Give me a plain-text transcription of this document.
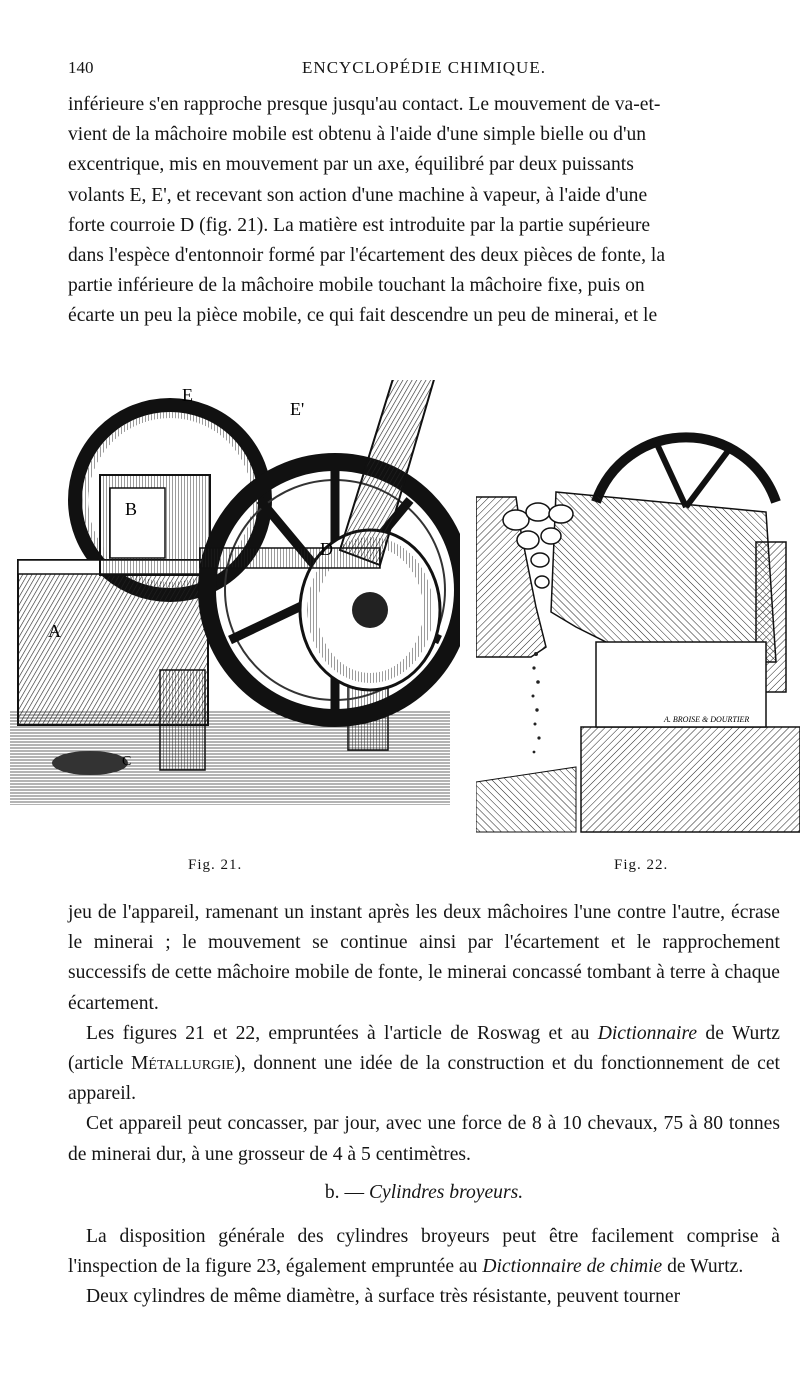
140	ENCYCLOPÉDIE CHIMIQUE.
inférieure s'en rapproche presque jusqu'au contact. Le mouvement de va-et-
vient de la mâchoire mobile est obtenu à l'aide d'une simple bielle ou d'un
excentrique, mis en mouvement par un axe, équilibré par deux puissants
volants E, E', et recevant son action d'une machine à vapeur, à l'aide d'une
forte courroie D (fig. 21). La matière est introduite par la partie supérieure
dans l'espèce d'entonnoir formé par l'écartement des deux pièces de fonte, la
partie inférieure de la mâchoire mobile touchant la mâchoire fixe, puis on
écarte un peu la pièce mobile, ce qui fait descendre un peu de minerai, et le
E
E'
B
D
A
C
A. BROISE & DOURTIER
Fig. 21.	Fig. 22.

jeu de l'appareil, ramenant un instant après les deux mâchoires l'une contre l'autre, écrase le minerai ; le mouvement se continue ainsi par l'écartement et le rapprochement successifs de cette mâchoire mobile de fonte, le minerai concassé tombant à terre à chaque écartement.

Les figures 21 et 22, empruntées à l'article de Roswag et au Dictionnaire de Wurtz (article Métallurgie), donnent une idée de la construction et du fonctionnement de cet appareil.

Cet appareil peut concasser, par jour, avec une force de 8 à 10 chevaux, 75 à 80 tonnes de minerai dur, à une grosseur de 4 à 5 centimètres.

b. — Cylindres broyeurs.

La disposition générale des cylindres broyeurs peut être facilement comprise à l'inspection de la figure 23, également empruntée au Dictionnaire de chimie de Wurtz.

Deux cylindres de même diamètre, à surface très résistante, peuvent tourner
